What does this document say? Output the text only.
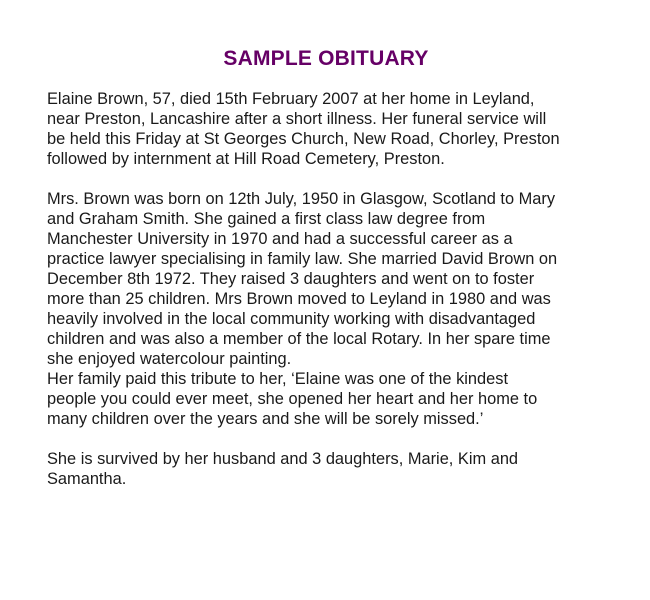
SAMPLE OBITUARY
Elaine Brown, 57, died 15th February 2007 at her home in Leyland,
near Preston, Lancashire after a short illness. Her funeral service will
be held this Friday at St Georges Church, New Road, Chorley, Preston
followed by internment at Hill Road Cemetery, Preston.
Mrs. Brown was born on 12th July, 1950 in Glasgow, Scotland to Mary
and Graham Smith. She gained a first class law degree from
Manchester University in 1970 and had a successful career as a
practice lawyer specialising in family law. She married David Brown on
December 8th 1972. They raised 3 daughters and went on to foster
more than 25 children. Mrs Brown moved to Leyland in 1980 and was
heavily involved in the local community working with disadvantaged
children and was also a member of the local Rotary. In her spare time
she enjoyed watercolour painting.
Her family paid this tribute to her, ‘Elaine was one of the kindest
people you could ever meet, she opened her heart and her home to
many children over the years and she will be sorely missed.’
She is survived by her husband and 3 daughters, Marie, Kim and
Samantha.
